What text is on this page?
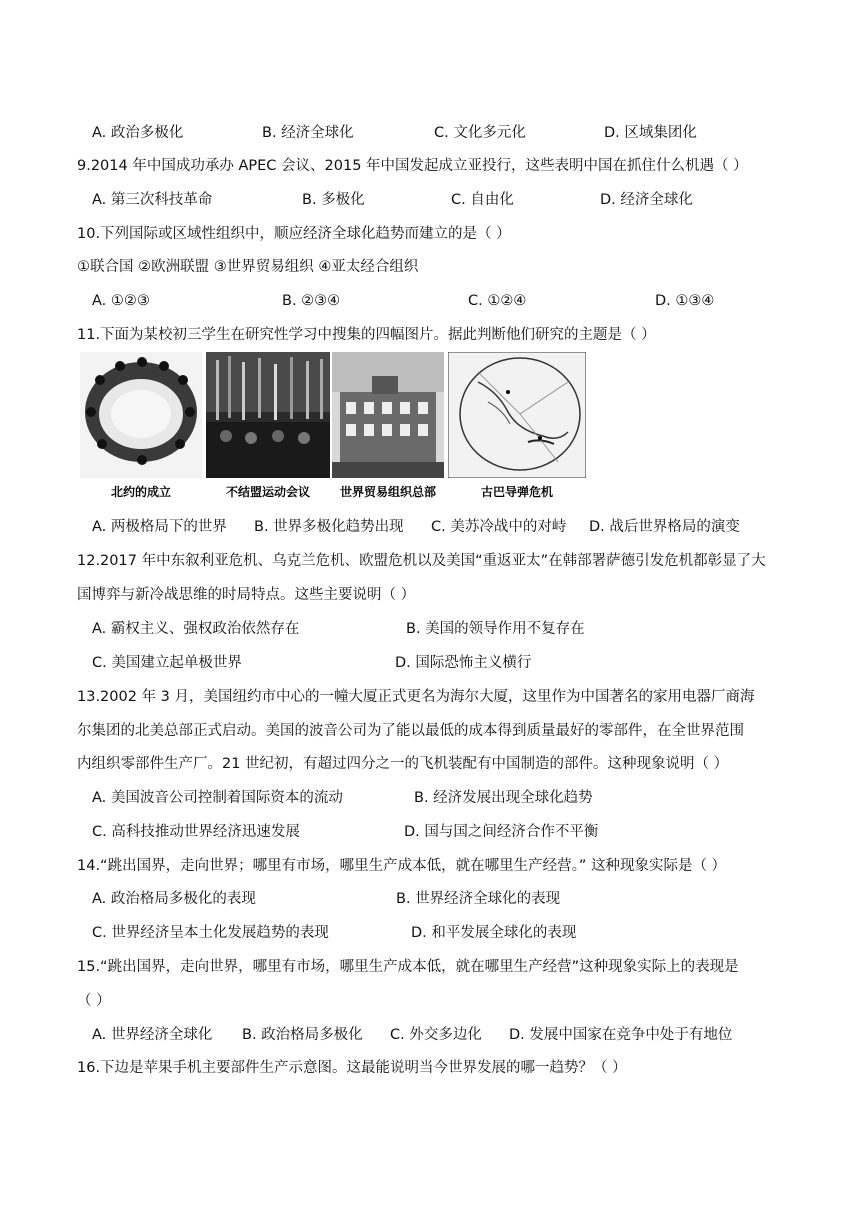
A. 政治多极化	B. 经济全球化	C. 文化多元化	D. 区域集团化
9.2014 年中国成功承办 APEC 会议、2015 年中国发起成立亚投行，这些表明中国在抓住什么机遇（ ）
A. 第三次科技革命	B. 多极化	C. 自由化	D. 经济全球化
10.下列国际或区域性组织中，顺应经济全球化趋势而建立的是（ ）
①联合国 ②欧洲联盟 ③世界贸易组织 ④亚太经合组织
A. ①②③	B. ②③④	C. ①②④	D. ①③④
11.下面为某校初三学生在研究性学习中搜集的四幅图片。据此判断他们研究的主题是（ ）
北约的成立	不结盟运动会议	世界贸易组织总部	古巴导弹危机
A. 两极格局下的世界 B. 世界多极化趋势出现 C. 美苏冷战中的对峙 D. 战后世界格局的演变
12.2017 年中东叙利亚危机、乌克兰危机、欧盟危机以及美国“重返亚太”在韩部署萨德引发危机都彰显了大
国博弈与新冷战思维的时局特点。这些主要说明（ ）
A. 霸权主义、强权政治依然存在	B. 美国的领导作用不复存在
C. 美国建立起单极世界	D. 国际恐怖主义横行
13.2002 年 3 月，美国纽约市中心的一幢大厦正式更名为海尔大厦，这里作为中国著名的家用电器厂商海
尔集团的北美总部正式启动。美国的波音公司为了能以最低的成本得到质量最好的零部件，在全世界范围
内组织零部件生产厂。21 世纪初，有超过四分之一的飞机装配有中国制造的部件。这种现象说明（ ）
A. 美国波音公司控制着国际资本的流动	B. 经济发展出现全球化趋势
C. 高科技推动世界经济迅速发展	D. 国与国之间经济合作不平衡
14.“跳出国界，走向世界；哪里有市场，哪里生产成本低，就在哪里生产经营。” 这种现象实际是（ ）
A. 政治格局多极化的表现	B. 世界经济全球化的表现
C. 世界经济呈本土化发展趋势的表现	D. 和平发展全球化的表现
15.“跳出国界，走向世界，哪里有市场，哪里生产成本低，就在哪里生产经营”这种现象实际上的表现是
（ ）
A. 世界经济全球化 B. 政治格局多极化 C. 外交多边化 D. 发展中国家在竞争中处于有地位
16.下边是苹果手机主要部件生产示意图。这最能说明当今世界发展的哪一趋势？（ ）
